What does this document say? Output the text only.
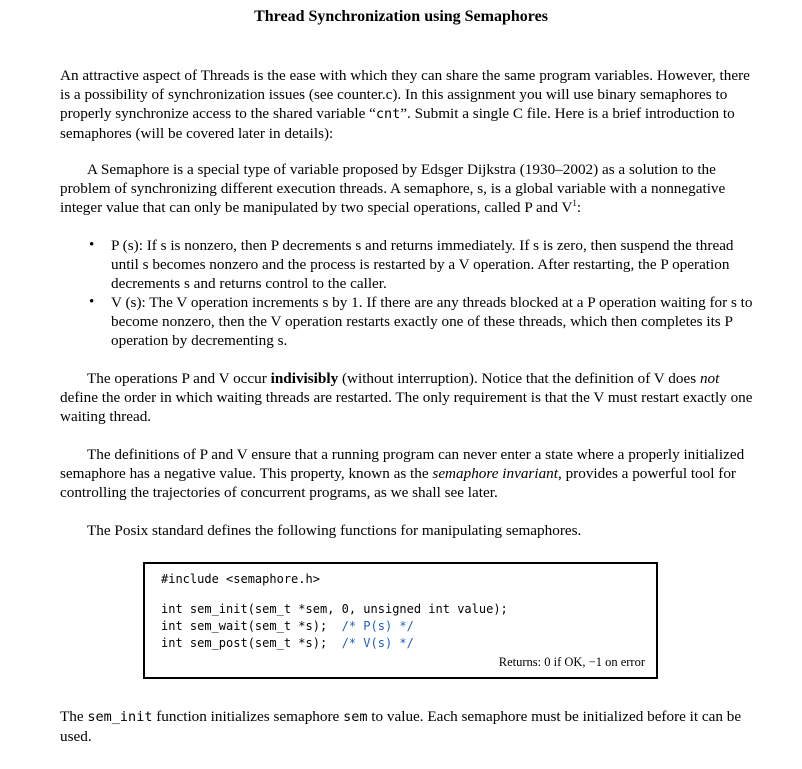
Thread Synchronization using Semaphores

An attractive aspect of Threads is the ease with which they can share the same program variables. However, there is a possibility of synchronization issues (see counter.c). In this assignment you will use binary semaphores to properly synchronize access to the shared variable “cnt”. Submit a single C file. Here is a brief introduction to semaphores (will be covered later in details):

A Semaphore is a special type of variable proposed by Edsger Dijkstra (1930–2002) as a solution to the problem of synchronizing different execution threads. A semaphore, s, is a global variable with a nonnegative integer value that can only be manipulated by two special operations, called P and $V^1$:

• P (s): If s is nonzero, then P decrements s and returns immediately. If s is zero, then suspend the thread until s becomes nonzero and the process is restarted by a V operation. After restarting, the P operation decrements s and returns control to the caller.
• V (s): The V operation increments s by 1. If there are any threads blocked at a P operation waiting for s to become nonzero, then the V operation restarts exactly one of these threads, which then completes its P operation by decrementing s.

The operations P and V occur indivisibly (without interruption). Notice that the definition of V does not define the order in which waiting threads are restarted. The only requirement is that the V must restart exactly one waiting thread.

The definitions of P and V ensure that a running program can never enter a state where a properly initialized semaphore has a negative value. This property, known as the semaphore invariant, provides a powerful tool for controlling the trajectories of concurrent programs, as we shall see later.

The Posix standard defines the following functions for manipulating semaphores.

#include <semaphore.h>
int sem_init(sem_t *sem, 0, unsigned int value);
int sem_wait(sem_t *s); /* P(s) */
int sem_post(sem_t *s); /* V(s) */
Returns: 0 if OK, −1 on error

The sem_init function initializes semaphore sem to value. Each semaphore must be initialized before it can be used.
